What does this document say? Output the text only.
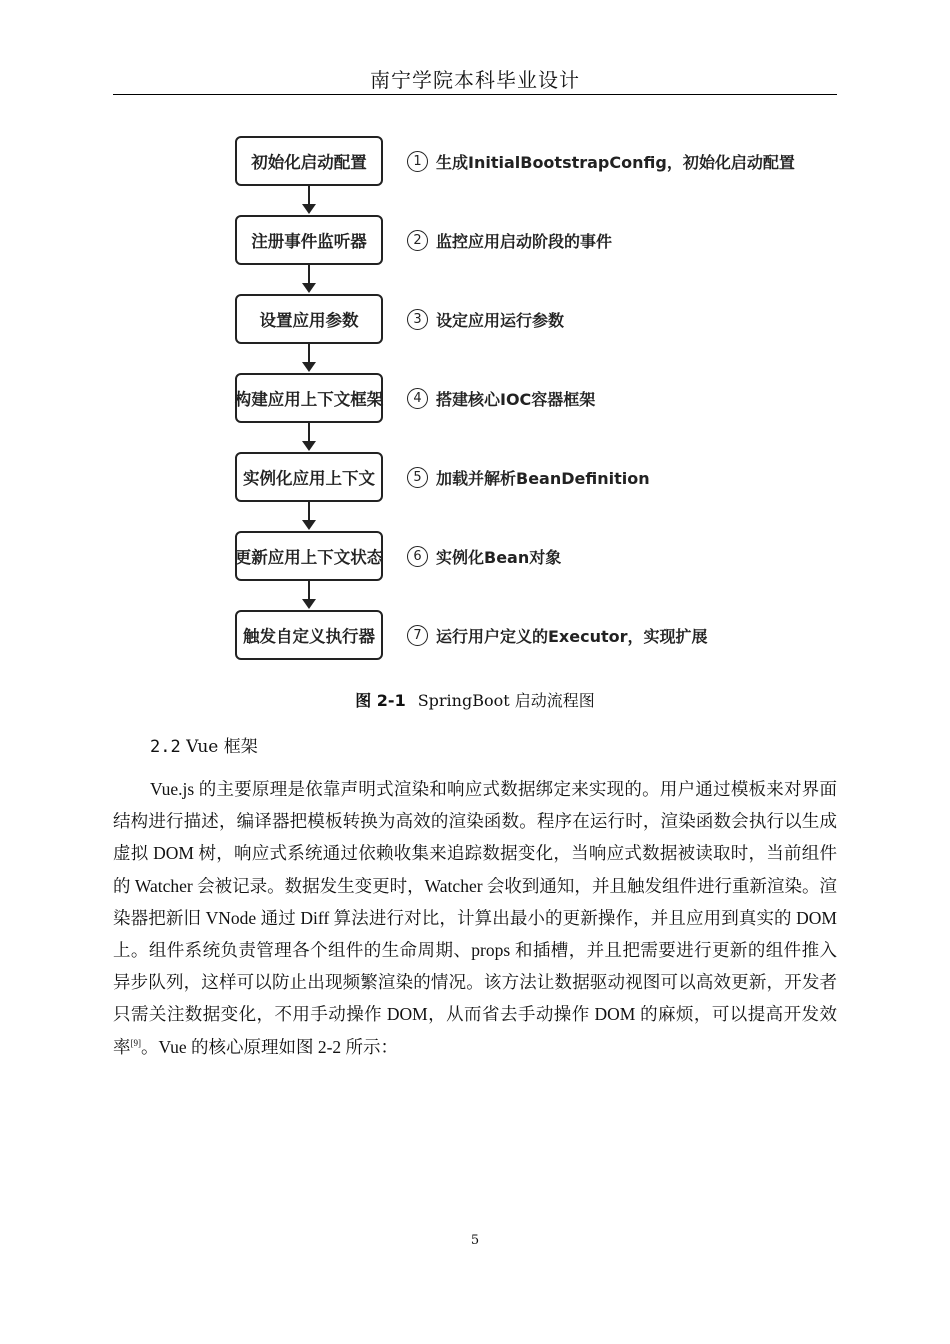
南宁学院本科毕业设计
初始化启动配置
注册事件监听器
设置应用参数
构建应用上下文框架
实例化应用上下文
更新应用上下文状态
触发自定义执行器
1 生成InitialBootstrapConfig，初始化启动配置
2 监控应用启动阶段的事件
3 设定应用运行参数
4 搭建核心IOC容器框架
5 加载并解析BeanDefinition
6 实例化Bean对象
7 运行用户定义的Executor，实现扩展
图 2-1 SpringBoot 启动流程图
2.2 Vue 框架
Vue.js 的主要原理是依靠声明式渲染和响应式数据绑定来实现的。用户通过模板来对界面结构进行描述，编译器把模板转换为高效的渲染函数。程序在运行时，渲染函数会执行以生成虚拟 DOM 树，响应式系统通过依赖收集来追踪数据变化，当响应式数据被读取时，当前组件的 Watcher 会被记录。数据发生变更时，Watcher 会收到通知，并且触发组件进行重新渲染。渲染器把新旧 VNode 通过 Diff 算法进行对比，计算出最小的更新操作，并且应用到真实的 DOM 上。组件系统负责管理各个组件的生命周期、props 和插槽，并且把需要进行更新的组件推入异步队列，这样可以防止出现频繁渲染的情况。该方法让数据驱动视图可以高效更新，开发者只需关注数据变化，不用手动操作 DOM，从而省去手动操作 DOM 的麻烦，可以提高开发效率[9]。Vue 的核心原理如图 2-2 所示：
5
